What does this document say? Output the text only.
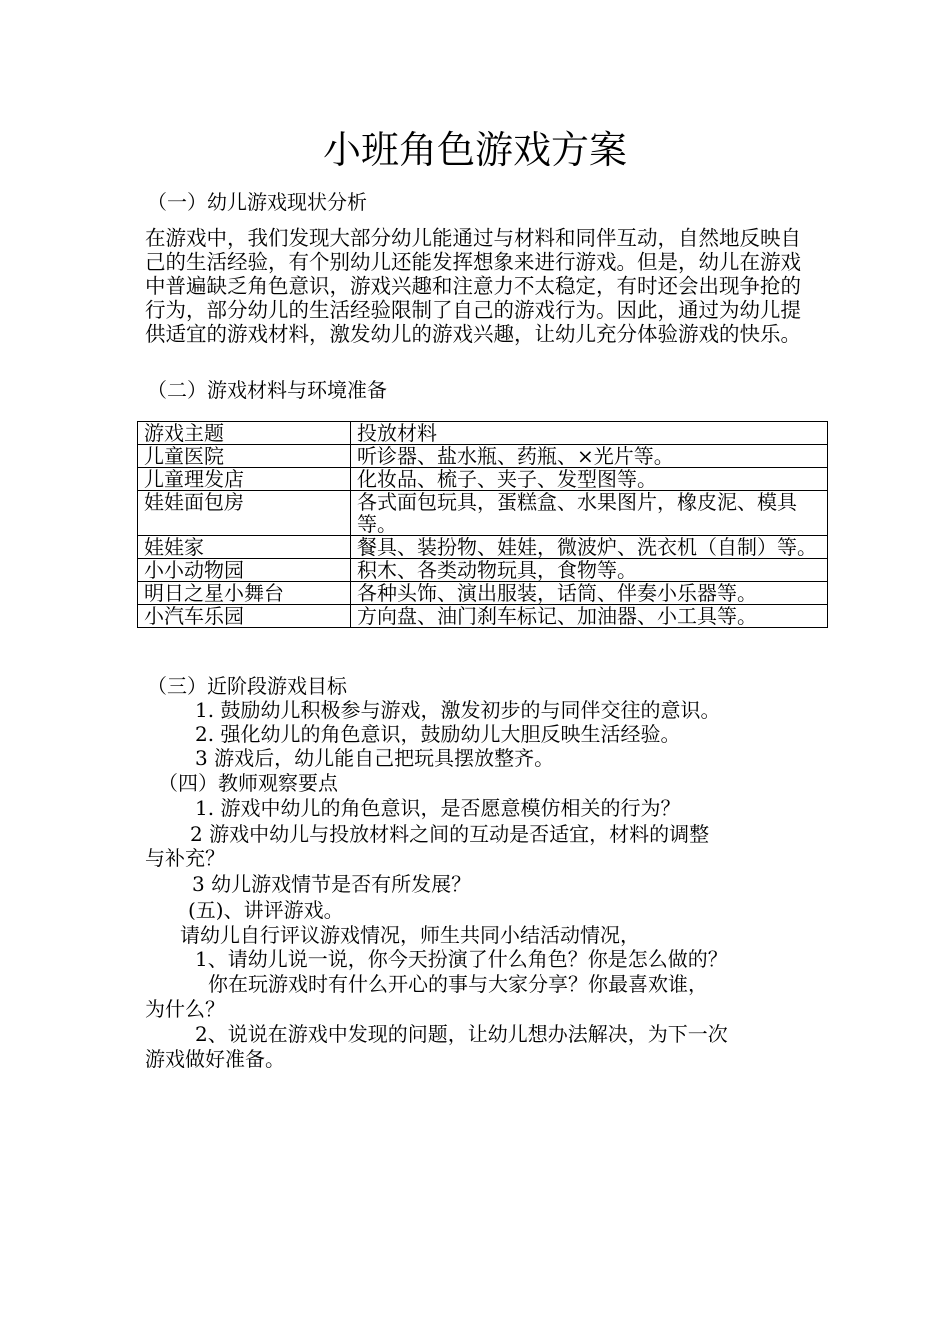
小班角色游戏方案
（一）幼儿游戏现状分析
在游戏中，我们发现大部分幼儿能通过与材料和同伴互动，自然地反映自己的生活经验，有个别幼儿还能发挥想象来进行游戏。但是，幼儿在游戏中普遍缺乏角色意识，游戏兴趣和注意力不太稳定，有时还会出现争抢的行为，部分幼儿的生活经验限制了自己的游戏行为。因此，通过为幼儿提供适宜的游戏材料，激发幼儿的游戏兴趣，让幼儿充分体验游戏的快乐。
（二）游戏材料与环境准备
游戏主题	投放材料
儿童医院	听诊器、盐水瓶、药瓶、×光片等。
儿童理发店	化妆品、梳子、夹子、发型图等。
娃娃面包房	各式面包玩具，蛋糕盒、水果图片，橡皮泥、模具等。
娃娃家	餐具、装扮物、娃娃，微波炉、洗衣机（自制）等。
小小动物园	积木、各类动物玩具，食物等。
明日之星小舞台	各种头饰、演出服装，话筒、伴奏小乐器等。
小汽车乐园	方向盘、油门刹车标记、加油器、小工具等。
（三）近阶段游戏目标
1. 鼓励幼儿积极参与游戏，激发初步的与同伴交往的意识。
2. 强化幼儿的角色意识，鼓励幼儿大胆反映生活经验。
3 游戏后，幼儿能自己把玩具摆放整齐。
（四）教师观察要点
1. 游戏中幼儿的角色意识，是否愿意模仿相关的行为？
2 游戏中幼儿与投放材料之间的互动是否适宜，材料的调整
与补充？
3 幼儿游戏情节是否有所发展？
(五)、讲评游戏。
请幼儿自行评议游戏情况，师生共同小结活动情况，
1、请幼儿说一说，你今天扮演了什么角色？你是怎么做的？
你在玩游戏时有什么开心的事与大家分享？你最喜欢谁，
为什么？
2、说说在游戏中发现的问题，让幼儿想办法解决，为下一次
游戏做好准备。
